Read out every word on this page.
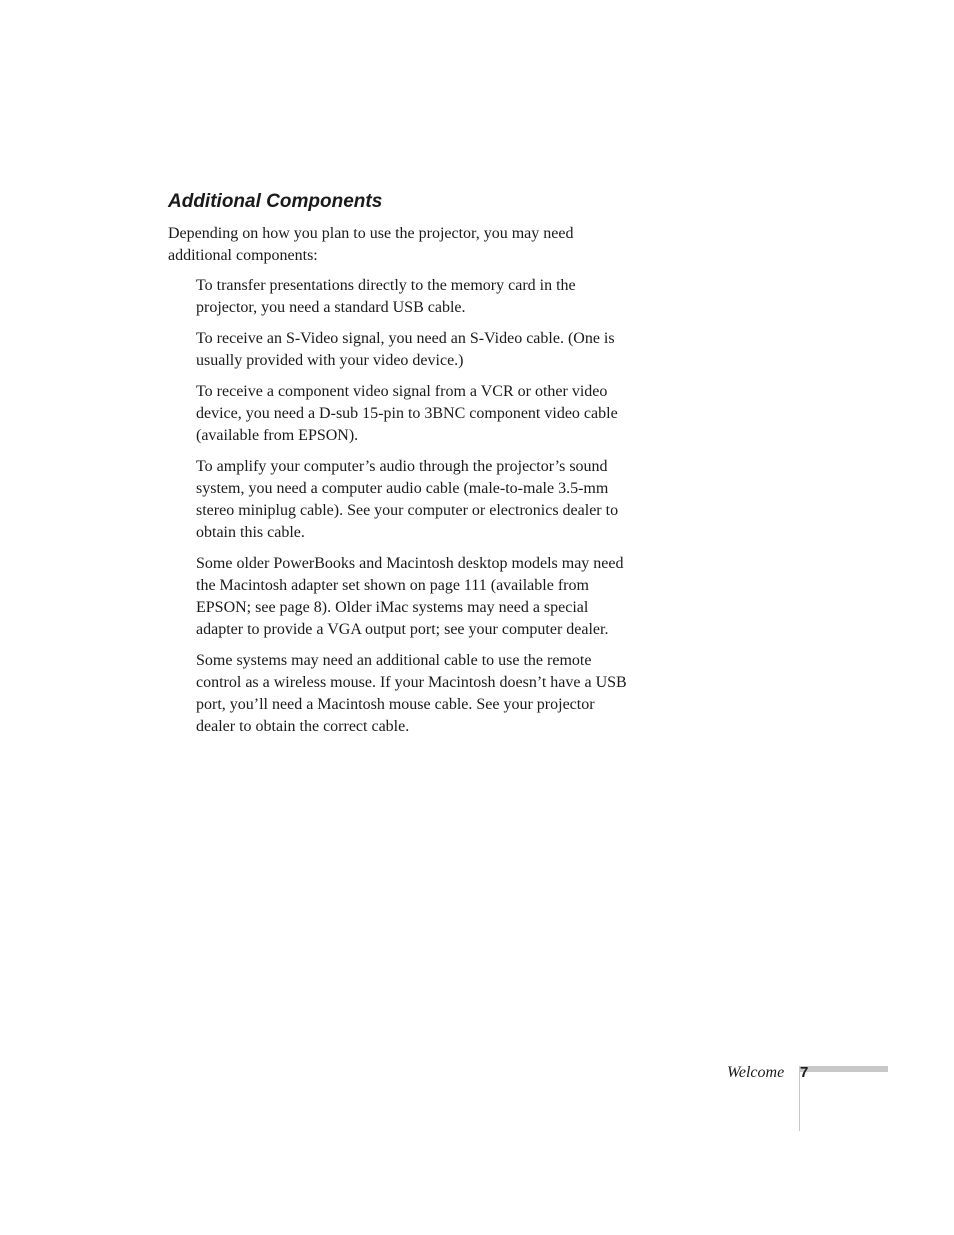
Additional Components

Depending on how you plan to use the projector, you may need additional components:

To transfer presentations directly to the memory card in the projector, you need a standard USB cable.

To receive an S-Video signal, you need an S-Video cable. (One is usually provided with your video device.)

To receive a component video signal from a VCR or other video device, you need a D-sub 15-pin to 3BNC component video cable (available from EPSON).

To amplify your computer’s audio through the projector’s sound system, you need a computer audio cable (male-to-male 3.5-mm stereo miniplug cable). See your computer or electronics dealer to obtain this cable.

Some older PowerBooks and Macintosh desktop models may need the Macintosh adapter set shown on page 111 (available from EPSON; see page 8). Older iMac systems may need a special adapter to provide a VGA output port; see your computer dealer.

Some systems may need an additional cable to use the remote control as a wireless mouse. If your Macintosh doesn’t have a USB port, you’ll need a Macintosh mouse cable. See your projector dealer to obtain the correct cable.

Welcome 7
